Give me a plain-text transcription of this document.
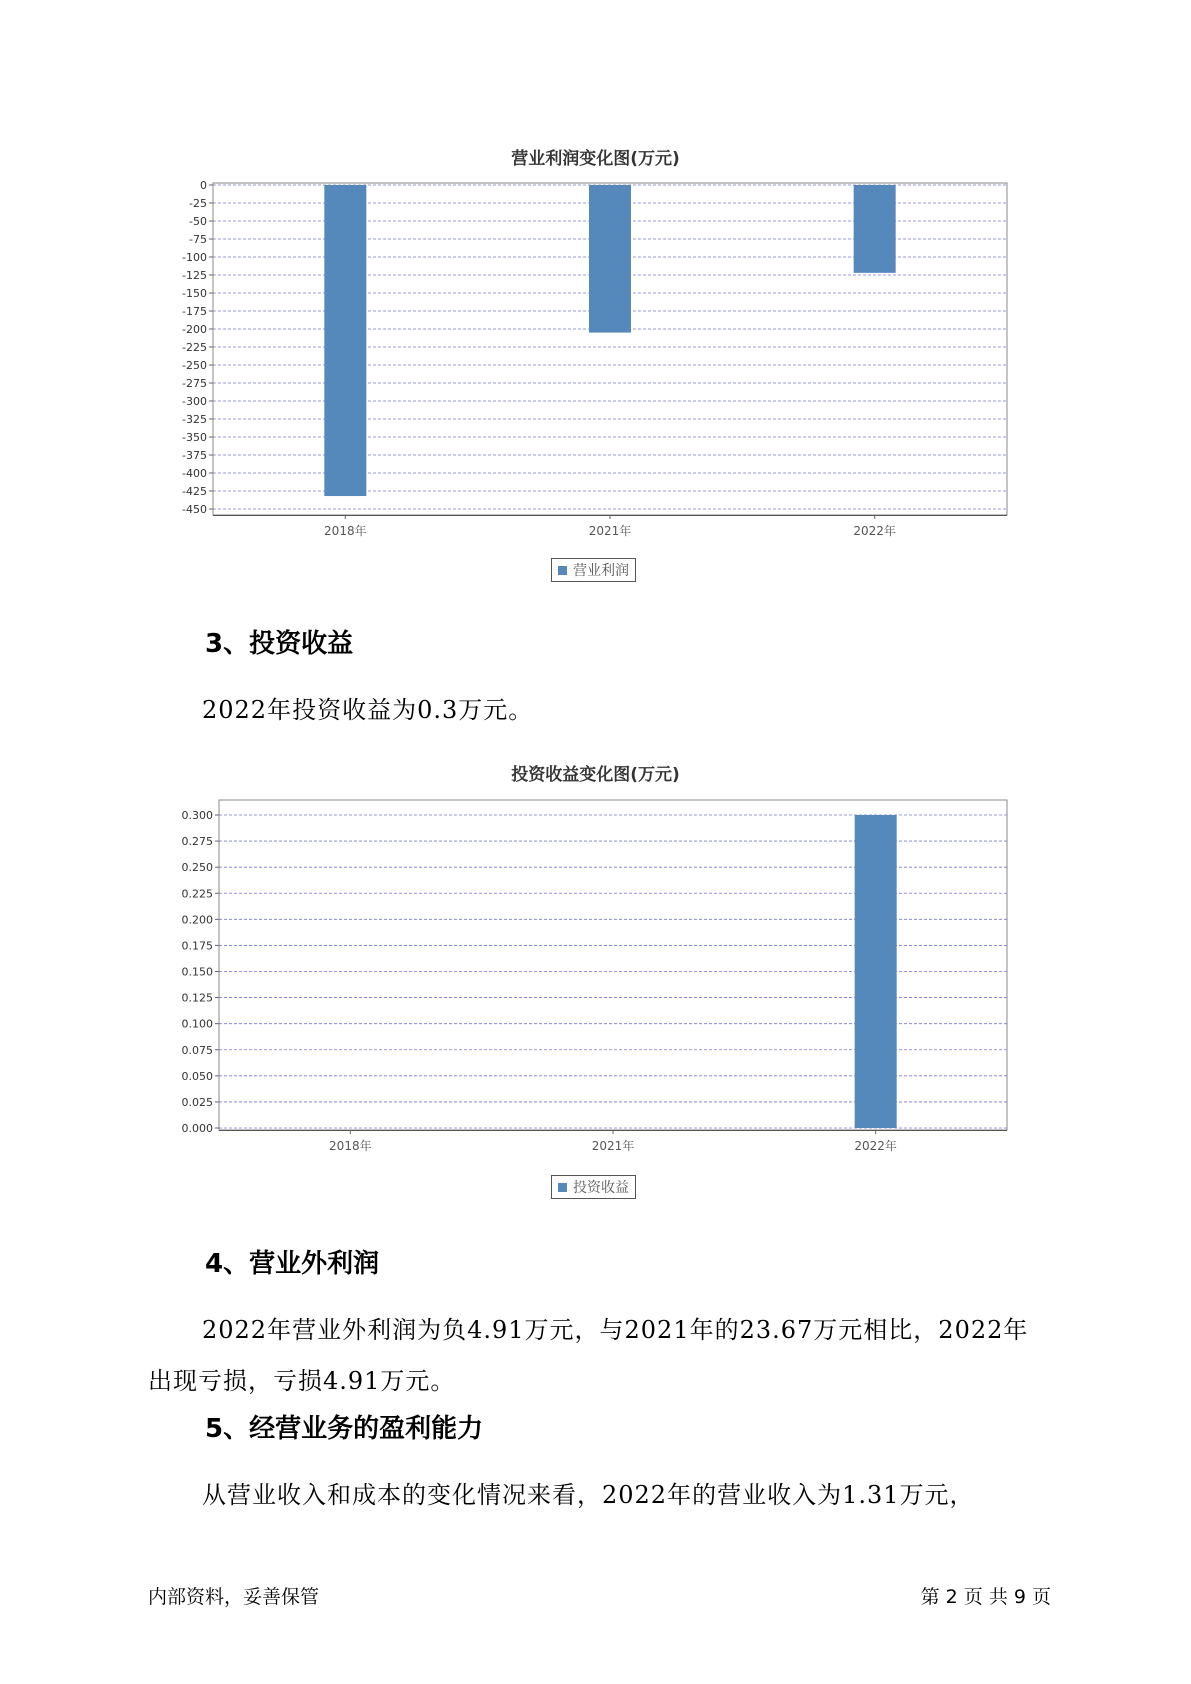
营业利润变化图(万元)
0
-25
-50
-75
-100
-125
-150
-175
-200
-225
-250
-275
-300
-325
-350
-375
-400
-425
-450
2018年	2021年	2022年
营业利润
3、投资收益
2022年投资收益为0.3万元。
投资收益变化图(万元)
0.000
0.025
0.050
0.075
0.100
0.125
0.150
0.175
0.200
0.225
0.250
0.275
0.300
2018年	2021年	2022年
投资收益
4、营业外利润
2022年营业外利润为负4.91万元，与2021年的23.67万元相比，2022年
出现亏损，亏损4.91万元。
5、经营业务的盈利能力
从营业收入和成本的变化情况来看，2022年的营业收入为1.31万元，
内部资料，妥善保管	第 2 页 共 9 页
